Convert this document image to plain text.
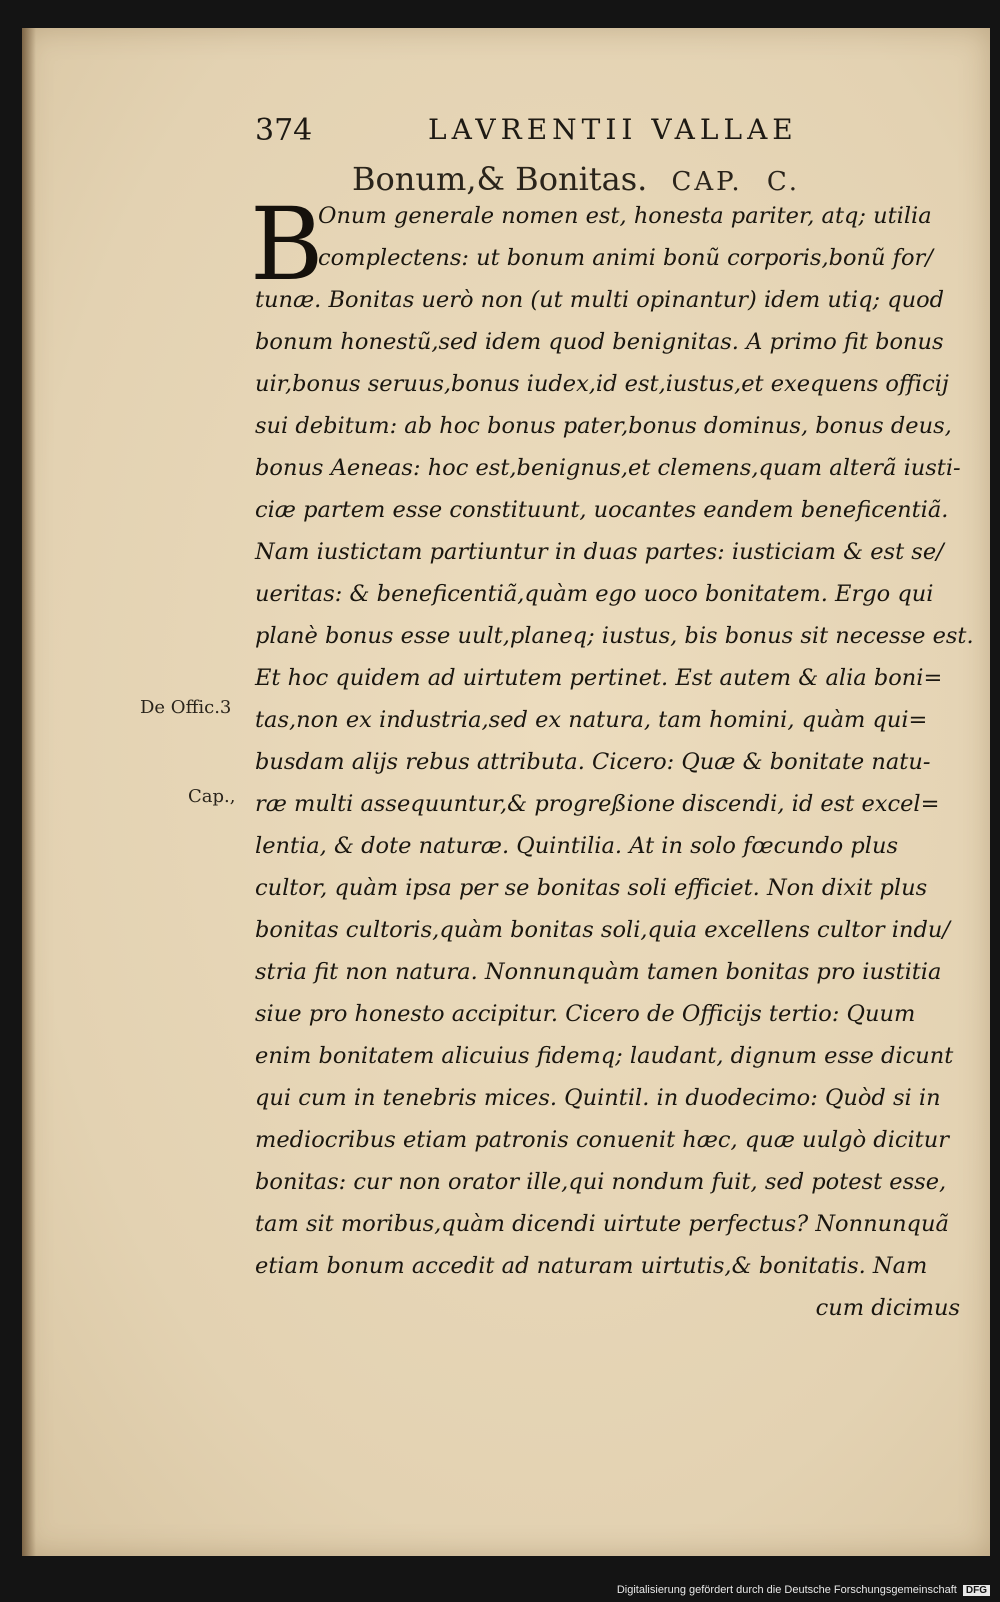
374	LAVRENTII VALLAE
Bonum,& Bonitas. CAP. C.
B
Onum generale nomen est, honesta pariter, atq; utilia
complectens: ut bonum animi bonũ corporis,bonũ for/
tunæ. Bonitas uerò non (ut multi opinantur) idem utiq; quod
bonum honestũ,sed idem quod benignitas. A primo fit bonus
uir,bonus seruus,bonus iudex,id est,iustus,et exequens officij
sui debitum: ab hoc bonus pater,bonus dominus, bonus deus,
bonus Aeneas: hoc est,benignus,et clemens,quam alterã iusti-
ciæ partem esse constituunt, uocantes eandem beneficentiã.
Nam iustictam partiuntur in duas partes: iusticiam & est se/
ueritas: & beneficentiã,quàm ego uoco bonitatem. Ergo qui
planè bonus esse uult,planeq; iustus, bis bonus sit necesse est.
Et hoc quidem ad uirtutem pertinet. Est autem & alia boni=
tas,non ex industria,sed ex natura, tam homini, quàm qui=
busdam alijs rebus attributa. Cicero: Quæ & bonitate natu-
ræ multi assequuntur,& progreßione discendi, id est excel=
lentia, & dote naturæ. Quintilia. At in solo fœcundo plus
cultor, quàm ipsa per se bonitas soli efficiet. Non dixit plus
bonitas cultoris,quàm bonitas soli,quia excellens cultor indu/
stria fit non natura. Nonnunquàm tamen bonitas pro iustitia
siue pro honesto accipitur. Cicero de Officijs tertio: Quum
enim bonitatem alicuius fidemq; laudant, dignum esse dicunt
qui cum in tenebris mices. Quintil. in duodecimo: Quòd si in
mediocribus etiam patronis conuenit hæc, quæ uulgò dicitur
bonitas: cur non orator ille,qui nondum fuit, sed potest esse,
tam sit moribus,quàm dicendi uirtute perfectus? Nonnunquã
etiam bonum accedit ad naturam uirtutis,& bonitatis. Nam
cum dicimus
De Offic.3
Cap.,
Digitalisierung gefördert durch die Deutsche Forschungsgemeinschaft DFG
